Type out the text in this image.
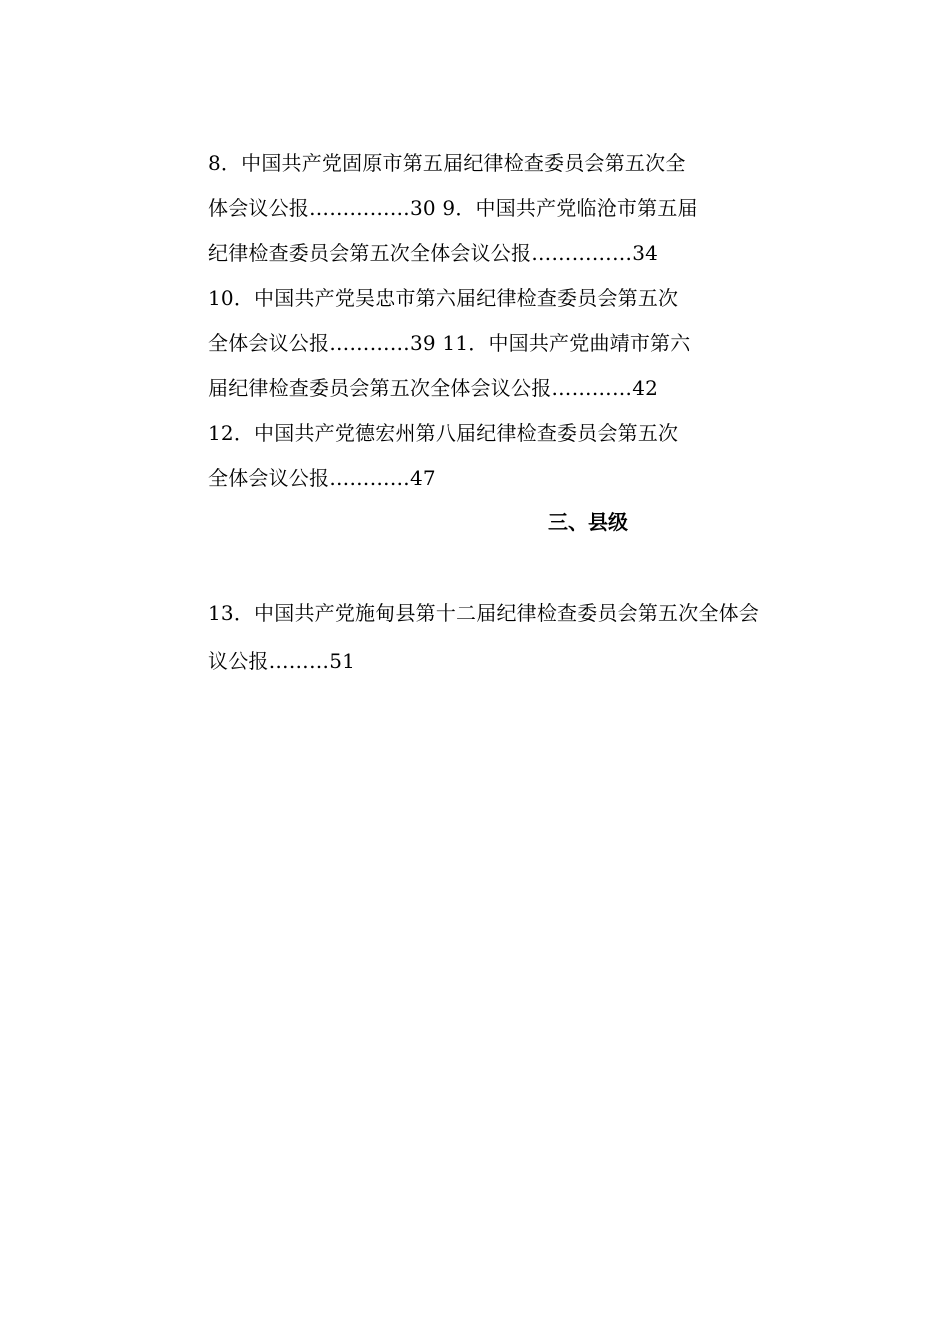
8．中国共产党固原市第五届纪律检查委员会第五次全
体会议公报……………30 9．中国共产党临沧市第五届
纪律检查委员会第五次全体会议公报……………34
10．中国共产党吴忠市第六届纪律检查委员会第五次
全体会议公报…………39 11．中国共产党曲靖市第六
届纪律检查委员会第五次全体会议公报…………42
12．中国共产党德宏州第八届纪律检查委员会第五次
全体会议公报…………47
三、县级
13．中国共产党施甸县第十二届纪律检查委员会第五次全体会
议公报………51
